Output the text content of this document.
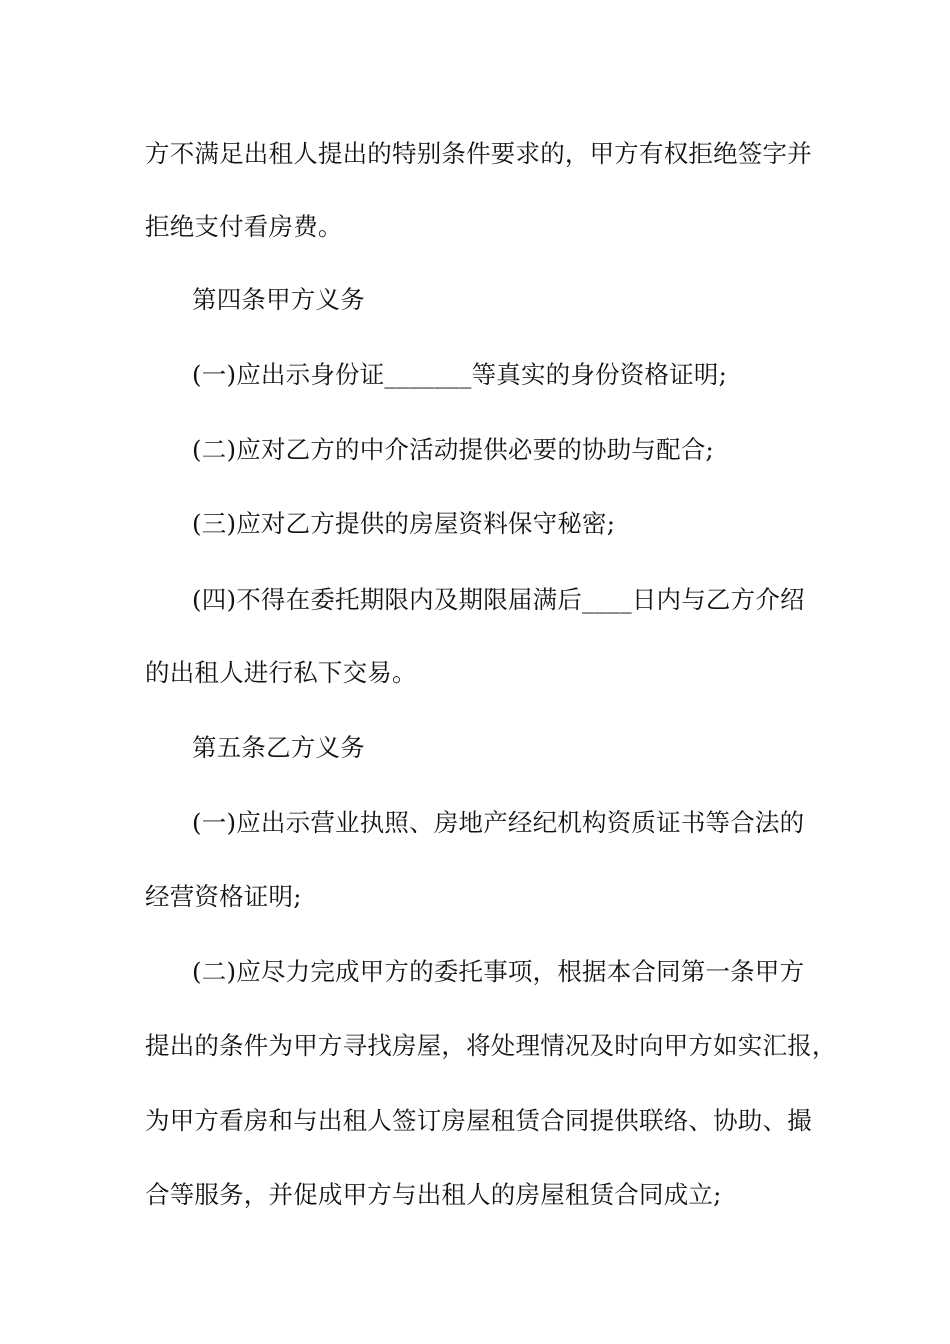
方不满足出租人提出的特别条件要求的，甲方有权拒绝签字并
拒绝支付看房费。
第四条甲方义务
(一)应出示身份证_______等真实的身份资格证明;
(二)应对乙方的中介活动提供必要的协助与配合;
(三)应对乙方提供的房屋资料保守秘密;
(四)不得在委托期限内及期限届满后____日内与乙方介绍
的出租人进行私下交易。
第五条乙方义务
(一)应出示营业执照、房地产经纪机构资质证书等合法的
经营资格证明;
(二)应尽力完成甲方的委托事项，根据本合同第一条甲方
提出的条件为甲方寻找房屋，将处理情况及时向甲方如实汇报，
为甲方看房和与出租人签订房屋租赁合同提供联络、协助、撮
合等服务，并促成甲方与出租人的房屋租赁合同成立;
